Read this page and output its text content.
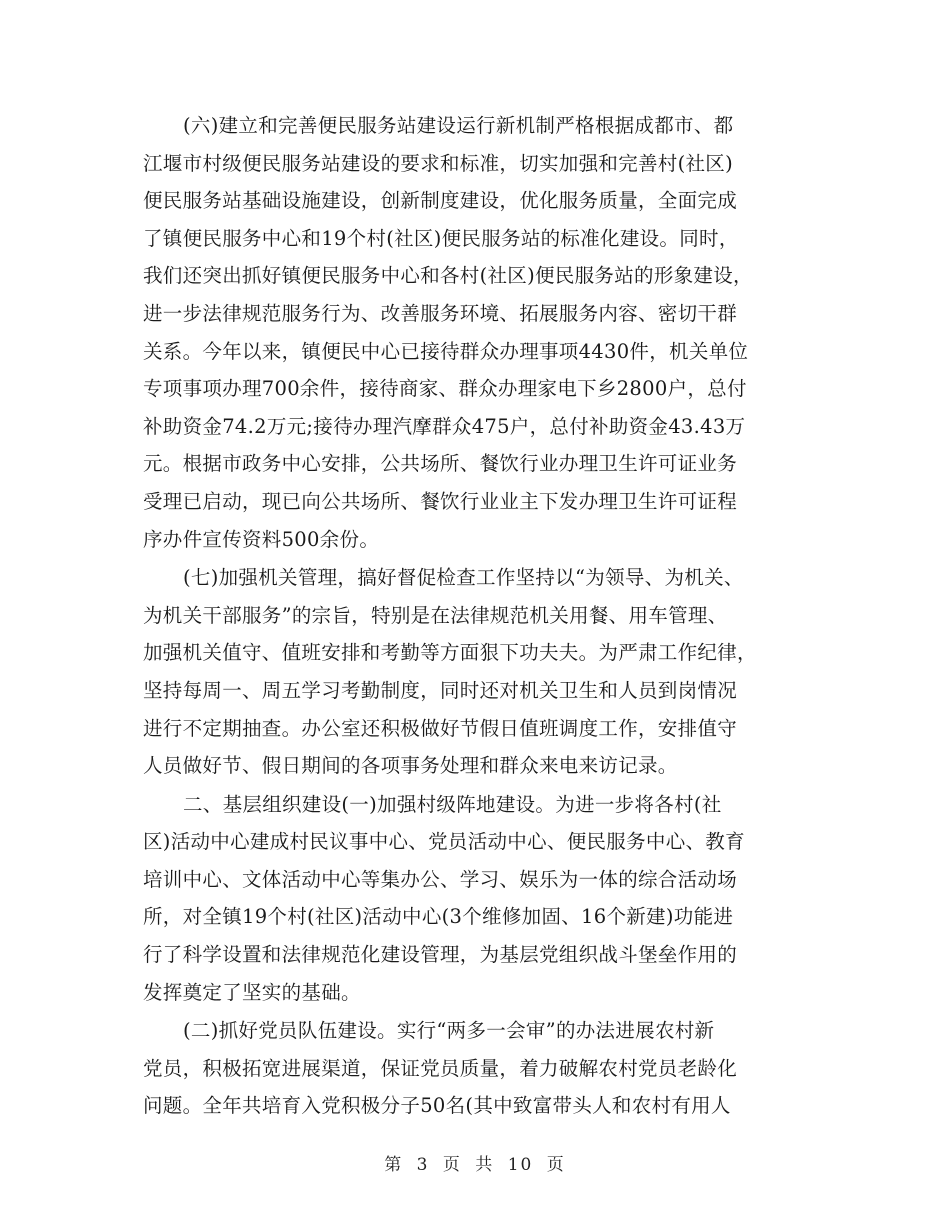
(六)建立和完善便民服务站建设运行新机制严格根据成都市、都
江堰市村级便民服务站建设的要求和标准，切实加强和完善村(社区)
便民服务站基础设施建设，创新制度建设，优化服务质量，全面完成
了镇便民服务中心和19个村(社区)便民服务站的标准化建设。同时，
我们还突出抓好镇便民服务中心和各村(社区)便民服务站的形象建设，
进一步法律规范服务行为、改善服务环境、拓展服务内容、密切干群
关系。今年以来，镇便民中心已接待群众办理事项4430件，机关单位
专项事项办理700余件，接待商家、群众办理家电下乡2800户，总付
补助资金74.2万元;接待办理汽摩群众475户，总付补助资金43.43万
元。根据市政务中心安排，公共场所、餐饮行业办理卫生许可证业务
受理已启动，现已向公共场所、餐饮行业业主下发办理卫生许可证程
序办件宣传资料500余份。
(七)加强机关管理，搞好督促检查工作坚持以“为领导、为机关、
为机关干部服务”的宗旨，特别是在法律规范机关用餐、用车管理、
加强机关值守、值班安排和考勤等方面狠下功夫夫。为严肃工作纪律，
坚持每周一、周五学习考勤制度，同时还对机关卫生和人员到岗情况
进行不定期抽查。办公室还积极做好节假日值班调度工作，安排值守
人员做好节、假日期间的各项事务处理和群众来电来访记录。
二、基层组织建设(一)加强村级阵地建设。为进一步将各村(社
区)活动中心建成村民议事中心、党员活动中心、便民服务中心、教育
培训中心、文体活动中心等集办公、学习、娱乐为一体的综合活动场
所，对全镇19个村(社区)活动中心(3个维修加固、16个新建)功能进
行了科学设置和法律规范化建设管理，为基层党组织战斗堡垒作用的
发挥奠定了坚实的基础。
(二)抓好党员队伍建设。实行“两多一会审”的办法进展农村新
党员，积极拓宽进展渠道，保证党员质量，着力破解农村党员老龄化
问题。全年共培育入党积极分子50名(其中致富带头人和农村有用人
第 3 页 共 10 页
